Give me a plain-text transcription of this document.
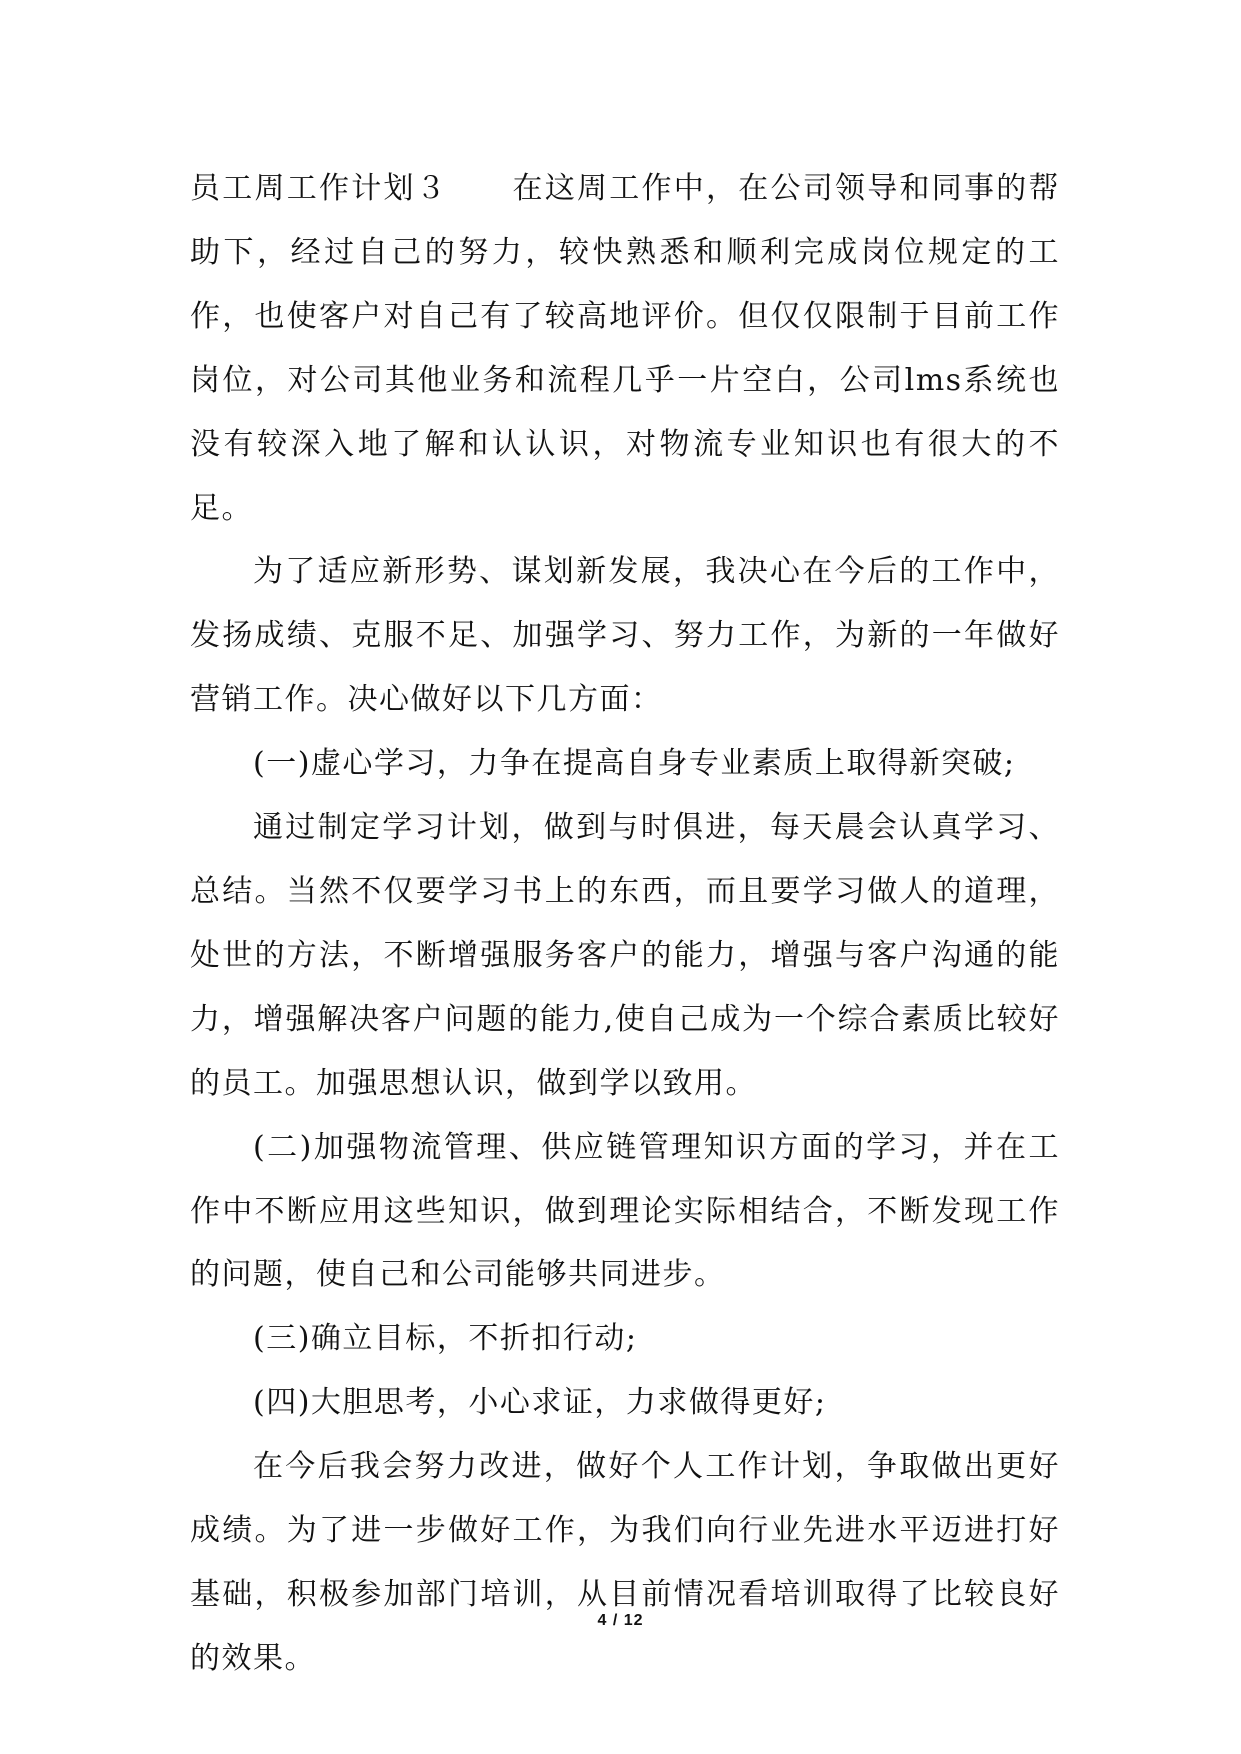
员工周工作计划３　　在这周工作中，在公司领导和同事的帮助下，经过自己的努力，较快熟悉和顺利完成岗位规定的工作，也使客户对自己有了较高地评价。但仅仅限制于目前工作岗位，对公司其他业务和流程几乎一片空白，公司lms系统也没有较深入地了解和认认识，对物流专业知识也有很大的不足。

为了适应新形势、谋划新发展，我决心在今后的工作中，发扬成绩、克服不足、加强学习、努力工作，为新的一年做好营销工作。决心做好以下几方面：

(一)虚心学习，力争在提高自身专业素质上取得新突破;

通过制定学习计划，做到与时俱进，每天晨会认真学习、总结。当然不仅要学习书上的东西，而且要学习做人的道理，处世的方法，不断增强服务客户的能力，增强与客户沟通的能力，增强解决客户问题的能力,使自己成为一个综合素质比较好的员工。加强思想认识，做到学以致用。

(二)加强物流管理、供应链管理知识方面的学习，并在工作中不断应用这些知识，做到理论实际相结合，不断发现工作的问题，使自己和公司能够共同进步。

(三)确立目标，不折扣行动;

(四)大胆思考，小心求证，力求做得更好;

在今后我会努力改进，做好个人工作计划，争取做出更好成绩。为了进一步做好工作，为我们向行业先进水平迈进打好基础，积极参加部门培训，从目前情况看培训取得了比较良好的效果。

4 / 12
